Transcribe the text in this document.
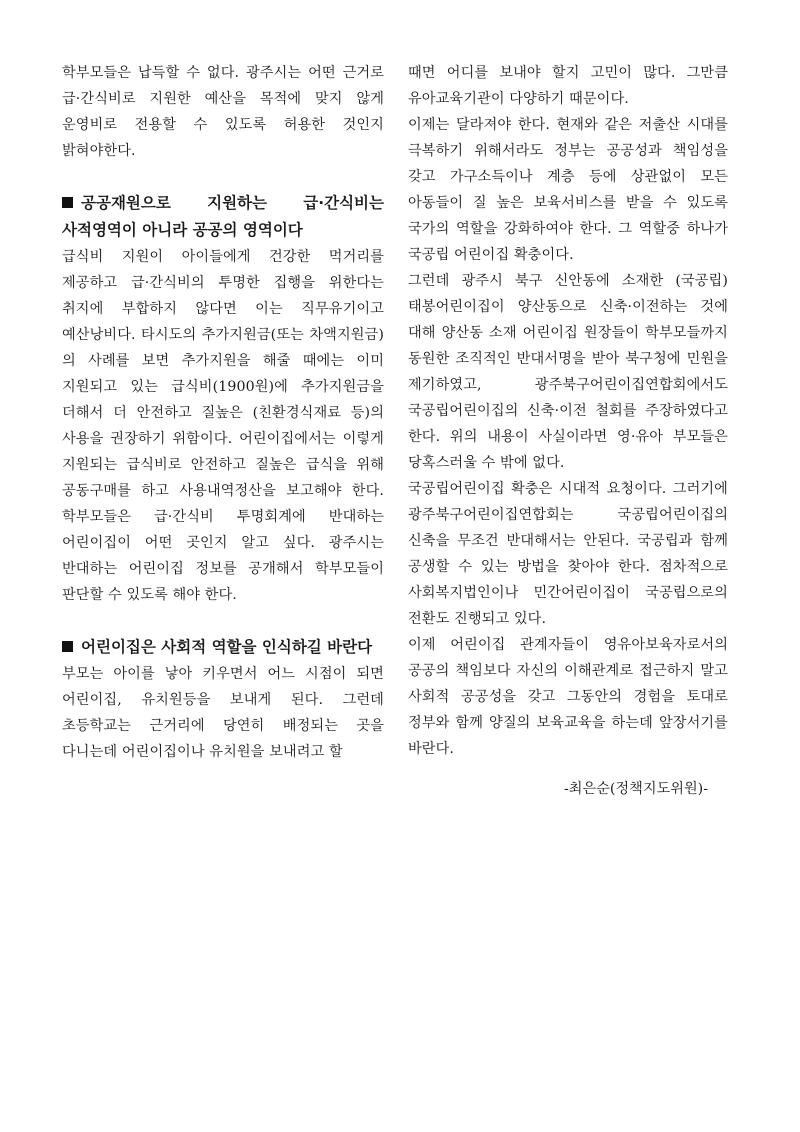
학부모들은 납득할 수 없다. 광주시는 어떤 근거로 급·간식비로 지원한 예산을 목적에 맞지 않게 운영비로 전용할 수 있도록 허용한 것인지 밝혀야한다.

공공재원으로 지원하는 급·간식비는 사적영역이 아니라 공공의 영역이다

급식비 지원이 아이들에게 건강한 먹거리를 제공하고 급·간식비의 투명한 집행을 위한다는 취지에 부합하지 않다면 이는 직무유기이고 예산낭비다. 타시도의 추가지원금(또는 차액지원금)의 사례를 보면 추가지원을 해줄 때에는 이미 지원되고 있는 급식비(1900원)에 추가지원금을 더해서 더 안전하고 질높은 (친환경식재료 등)의 사용을 권장하기 위함이다. 어린이집에서는 이렇게 지원되는 급식비로 안전하고 질높은 급식을 위해 공동구매를 하고 사용내역정산을 보고해야 한다. 학부모들은 급·간식비 투명회계에 반대하는 어린이집이 어떤 곳인지 알고 싶다. 광주시는 반대하는 어린이집 정보를 공개해서 학부모들이 판단할 수 있도록 해야 한다.

어린이집은 사회적 역할을 인식하길 바란다

부모는 아이를 낳아 키우면서 어느 시점이 되면 어린이집, 유치원등을 보내게 된다. 그런데 초등학교는 근거리에 당연히 배정되는 곳을 다니는데 어린이집이나 유치원을 보내려고 할

때면 어디를 보내야 할지 고민이 많다. 그만큼 유아교육기관이 다양하기 때문이다.

이제는 달라져야 한다. 현재와 같은 저출산 시대를 극복하기 위해서라도 정부는 공공성과 책임성을 갖고 가구소득이나 계층 등에 상관없이 모든 아동들이 질 높은 보육서비스를 받을 수 있도록 국가의 역할을 강화하여야 한다. 그 역할중 하나가 국공립 어린이집 확충이다.

그런데 광주시 북구 신안동에 소재한 (국공립)태봉어린이집이 양산동으로 신축·이전하는 것에 대해 양산동 소재 어린이집 원장들이 학부모들까지 동원한 조직적인 반대서명을 받아 북구청에 민원을 제기하였고, 광주북구어린이집연합회에서도 국공립어린이집의 신축·이전 철회를 주장하였다고 한다. 위의 내용이 사실이라면 영·유아 부모들은 당혹스러울 수 밖에 없다.

국공립어린이집 확충은 시대적 요청이다. 그러기에 광주북구어린이집연합회는 국공립어린이집의 신축을 무조건 반대해서는 안된다. 국공립과 함께 공생할 수 있는 방법을 찾아야 한다. 점차적으로 사회복지법인이나 민간어린이집이 국공립으로의 전환도 진행되고 있다.

이제 어린이집 관계자들이 영유아보육자로서의 공공의 책임보다 자신의 이해관계로 접근하지 말고 사회적 공공성을 갖고 그동안의 경험을 토대로 정부와 함께 양질의 보육교육을 하는데 앞장서기를 바란다.

-최은순(정책지도위원)-
